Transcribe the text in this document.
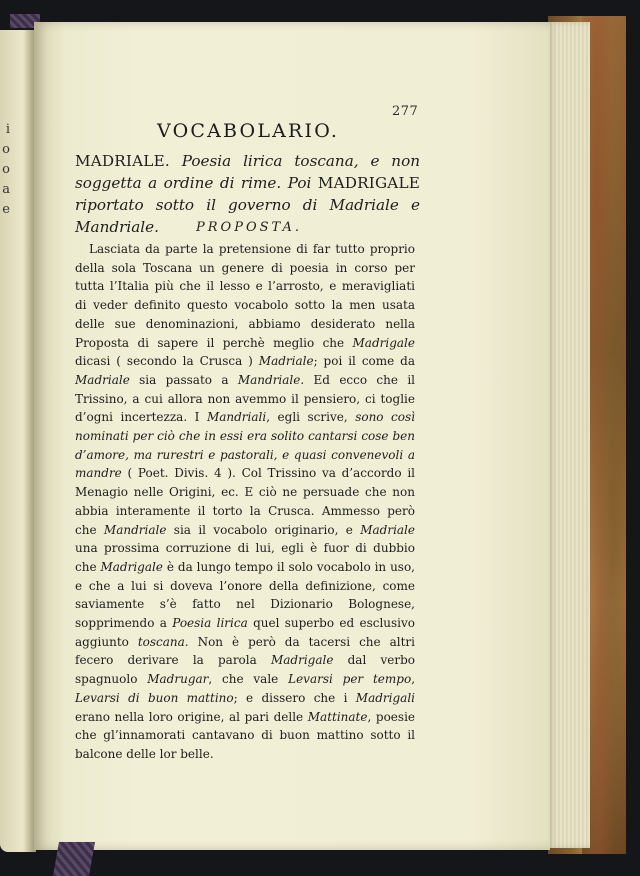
i
o
o
a
e
277
VOCABOLARIO.
MADRIALE. Poesia lirica toscana, e non soggetta a ordine di rime. Poi MADRIGALE riportato sotto il governo di Madriale e Mandriale.	PROPOSTA.

Lasciata da parte la pretensione di far tutto proprio della sola Toscana un genere di poesia in corso per tutta l’Italia più che il lesso e l’arrosto, e meravigliati di veder definito questo vocabolo sotto la men usata delle sue denominazioni, abbiamo desiderato nella Proposta di sapere il perchè meglio che Madrigale dicasi ( secondo la Crusca ) Madriale; poi il come da Madriale sia passato a Mandriale. Ed ecco che il Trissino, a cui allora non avemmo il pensiero, ci toglie d’ogni incertezza. I Mandriali, egli scrive, sono così nominati per ciò che in essi era solito cantarsi cose ben d’amore, ma rurestri e pastorali, e quasi convenevoli a mandre ( Poet. Divis. 4 ). Col Trissino va d’accordo il Menagio nelle Origini, ec. E ciò ne persuade che non abbia interamente il torto la Crusca. Ammesso però che Mandriale sia il vocabolo originario, e Madriale una prossima corruzione di lui, egli è fuor di dubbio che Madrigale è da lungo tempo il solo vocabolo in uso, e che a lui si doveva l’onore della definizione, come saviamente s’è fatto nel Dizionario Bolognese, sopprimendo a Poesia lirica quel superbo ed esclusivo aggiunto toscana. Non è però da tacersi che altri fecero derivare la parola Madrigale dal verbo spagnuolo Madrugar, che vale Levarsi per tempo, Levarsi di buon mattino; e dissero che i Madrigali erano nella loro origine, al pari delle Mattinate, poesie che gl’innamorati cantavano di buon mattino sotto il balcone delle lor belle.
